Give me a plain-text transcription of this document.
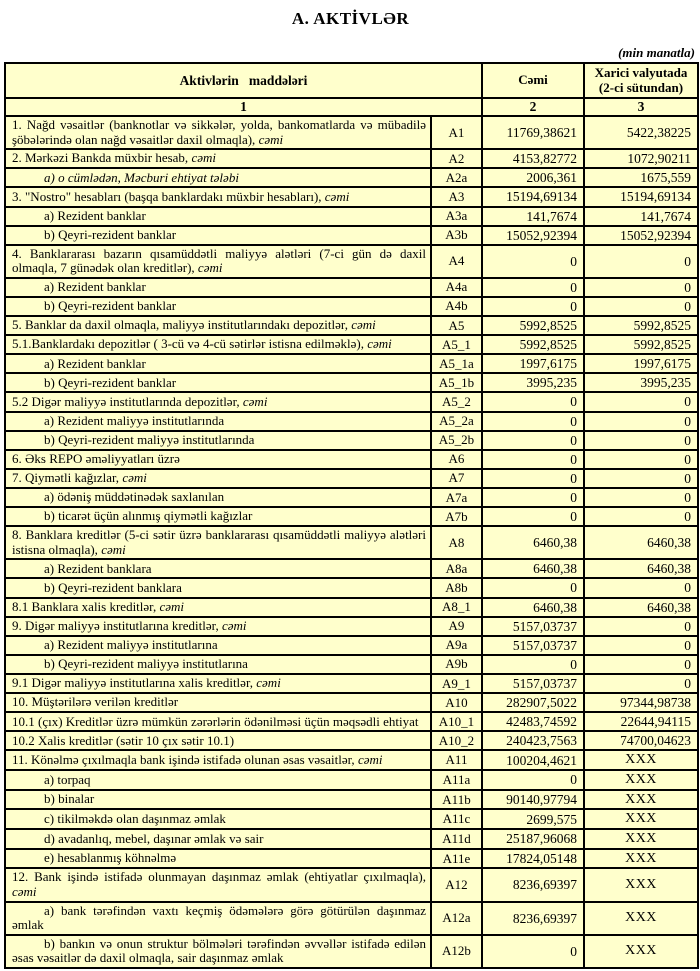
A. AKTİVLƏR
(min manatla)
Aktivlərin   maddələri		Cəmi	Xarici valyutada (2-ci sütundan)
1		2	3
1. Nağd vəsaitlər (banknotlar və sikkələr, yolda, bankomatlarda və mübadilə şöbələrində olan nağd vəsaitlər daxil olmaqla), cəmi	A1	11769,38621	5422,38225
2. Mərkəzi Bankda müxbir hesab, cəmi	A2	4153,82772	1072,90211
a) o cümlədən, Məcburi ehtiyat tələbi	A2a	2006,361	1675,559
3. "Nostro" hesabları (başqa banklardakı müxbir hesabları), cəmi	A3	15194,69134	15194,69134
a) Rezident banklar	A3a	141,7674	141,7674
b) Qeyri-rezident banklar	A3b	15052,92394	15052,92394
4. Banklararası bazarın qısamüddətli maliyyə alətləri (7-ci gün də daxil olmaqla, 7 günədək olan kreditlər), cəmi	A4	0	0
a) Rezident banklar	A4a	0	0
b) Qeyri-rezident banklar	A4b	0	0
5. Banklar da daxil olmaqla, maliyyə institutlarındakı depozitlər, cəmi	A5	5992,8525	5992,8525
5.1.Banklardakı depozitlər ( 3-cü və 4-cü sətirlər istisna edilməklə), cəmi	A5_1	5992,8525	5992,8525
a) Rezident banklar	A5_1a	1997,6175	1997,6175
b) Qeyri-rezident banklar	A5_1b	3995,235	3995,235
5.2 Digər maliyyə institutlarında depozitlər, cəmi	A5_2	0	0
a) Rezident maliyyə institutlarında	A5_2a	0	0
b) Qeyri-rezident maliyyə institutlarında	A5_2b	0	0
6. Əks REPO əməliyyatları üzrə	A6	0	0
7. Qiymətli kağızlar, cəmi	A7	0	0
a) ödəniş müddətinədək saxlanılan	A7a	0	0
b) ticarət üçün alınmış qiymətli kağızlar	A7b	0	0
8. Banklara kreditlər (5-ci sətir üzrə banklararası qısamüddətli maliyyə alətləri istisna olmaqla), cəmi	A8	6460,38	6460,38
a) Rezident banklara	A8a	6460,38	6460,38
b) Qeyri-rezident banklara	A8b	0	0
8.1 Banklara xalis kreditlər, cəmi	A8_1	6460,38	6460,38
9. Digər maliyyə institutlarına kreditlər, cəmi	A9	5157,03737	0
a) Rezident maliyyə institutlarına	A9a	5157,03737	0
b) Qeyri-rezident maliyyə institutlarına	A9b	0	0
9.1 Digər maliyyə institutlarına xalis kreditlər, cəmi	A9_1	5157,03737	0
10. Müştərilərə verilən kreditlər	A10	282907,5022	97344,98738
10.1 (çıx) Kreditlər üzrə mümkün zərərlərin ödənilməsi üçün məqsədli ehtiyat	A10_1	42483,74592	22644,94115
10.2 Xalis kreditlər (sətir 10 çıx sətir 10.1)	A10_2	240423,7563	74700,04623
11. Könəlmə çıxılmaqla bank işində istifadə olunan əsas vəsaitlər, cəmi	A11	100204,4621	XXX
a) torpaq	A11a	0	XXX
b) binalar	A11b	90140,97794	XXX
c) tikilməkdə olan daşınmaz əmlak	A11c	2699,575	XXX
d) avadanlıq, mebel, daşınar əmlak və sair	A11d	25187,96068	XXX
e) hesablanmış köhnəlmə	A11e	17824,05148	XXX
12. Bank işində istifadə olunmayan daşınmaz əmlak (ehtiyatlar çıxılmaqla), cəmi	A12	8236,69397	XXX
a) bank tərəfindən vaxtı keçmiş ödəmələrə görə götürülən daşınmaz əmlak	A12a	8236,69397	XXX
b) bankın və onun struktur bölmələri tərəfindən əvvəllər istifadə edilən əsas vəsaitlər də daxil olmaqla, sair daşınmaz əmlak	A12b	0	XXX
